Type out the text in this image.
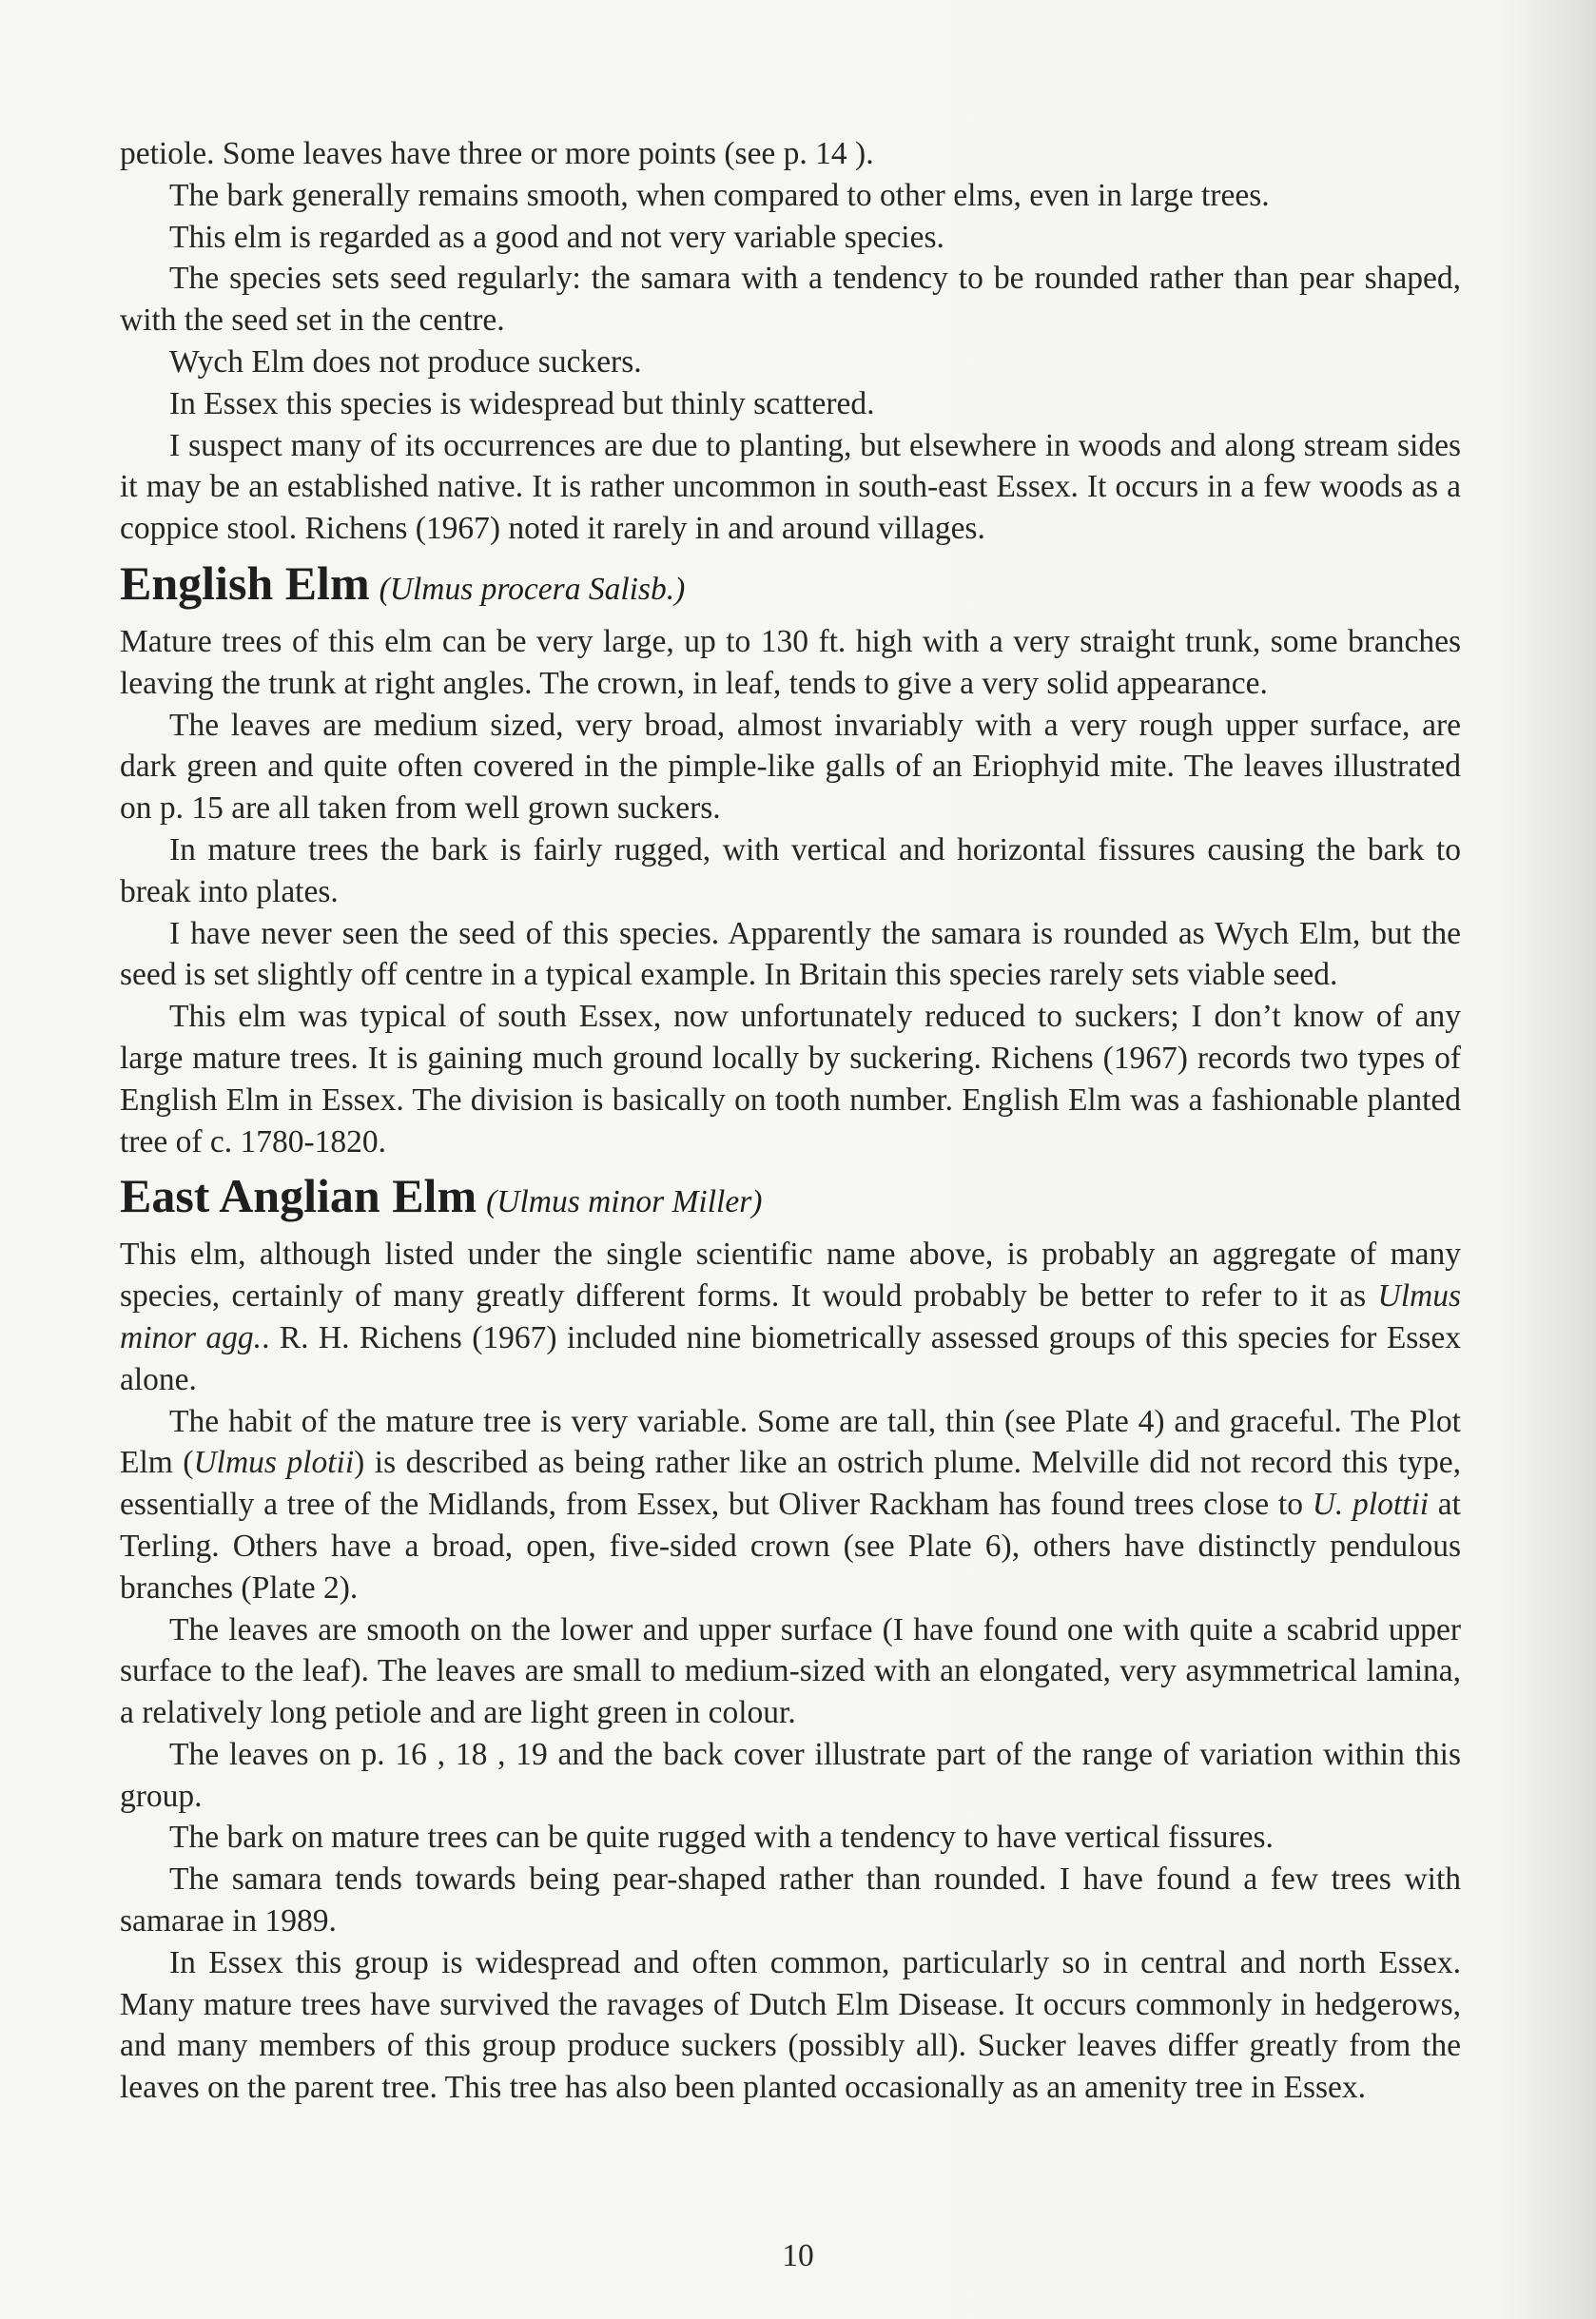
petiole. Some leaves have three or more points (see p. 14 ).

The bark generally remains smooth, when compared to other elms, even in large trees.

This elm is regarded as a good and not very variable species.

The species sets seed regularly: the samara with a tendency to be rounded rather than pear shaped, with the seed set in the centre.

Wych Elm does not produce suckers.

In Essex this species is widespread but thinly scattered.

I suspect many of its occurrences are due to planting, but elsewhere in woods and along stream sides it may be an established native. It is rather uncommon in south-east Essex. It occurs in a few woods as a coppice stool. Richens (1967) noted it rarely in and around villages.

English Elm (Ulmus procera Salisb.)

Mature trees of this elm can be very large, up to 130 ft. high with a very straight trunk, some branches leaving the trunk at right angles. The crown, in leaf, tends to give a very solid appearance.

The leaves are medium sized, very broad, almost invariably with a very rough upper surface, are dark green and quite often covered in the pimple-like galls of an Eriophyid mite. The leaves illustrated on p. 15 are all taken from well grown suckers.

In mature trees the bark is fairly rugged, with vertical and horizontal fissures causing the bark to break into plates.

I have never seen the seed of this species. Apparently the samara is rounded as Wych Elm, but the seed is set slightly off centre in a typical example. In Britain this species rarely sets viable seed.

This elm was typical of south Essex, now unfortunately reduced to suckers; I don’t know of any large mature trees. It is gaining much ground locally by suckering. Richens (1967) records two types of English Elm in Essex. The division is basically on tooth number. English Elm was a fashionable planted tree of c. 1780-1820.

East Anglian Elm (Ulmus minor Miller)

This elm, although listed under the single scientific name above, is probably an aggregate of many species, certainly of many greatly different forms. It would probably be better to refer to it as Ulmus minor agg.. R. H. Richens (1967) included nine biometrically assessed groups of this species for Essex alone.

The habit of the mature tree is very variable. Some are tall, thin (see Plate 4) and graceful. The Plot Elm (Ulmus plotii) is described as being rather like an ostrich plume. Melville did not record this type, essentially a tree of the Midlands, from Essex, but Oliver Rackham has found trees close to U. plottii at Terling. Others have a broad, open, five-sided crown (see Plate 6), others have distinctly pendulous branches (Plate 2).

The leaves are smooth on the lower and upper surface (I have found one with quite a scabrid upper surface to the leaf). The leaves are small to medium-sized with an elongated, very asymmetrical lamina, a relatively long petiole and are light green in colour.

The leaves on p. 16 , 18 , 19 and the back cover illustrate part of the range of variation within this group.

The bark on mature trees can be quite rugged with a tendency to have vertical fissures.

The samara tends towards being pear-shaped rather than rounded. I have found a few trees with samarae in 1989.

In Essex this group is widespread and often common, particularly so in central and north Essex. Many mature trees have survived the ravages of Dutch Elm Disease. It occurs commonly in hedgerows, and many members of this group produce suckers (possibly all). Sucker leaves differ greatly from the leaves on the parent tree. This tree has also been planted occasionally as an amenity tree in Essex.

10
